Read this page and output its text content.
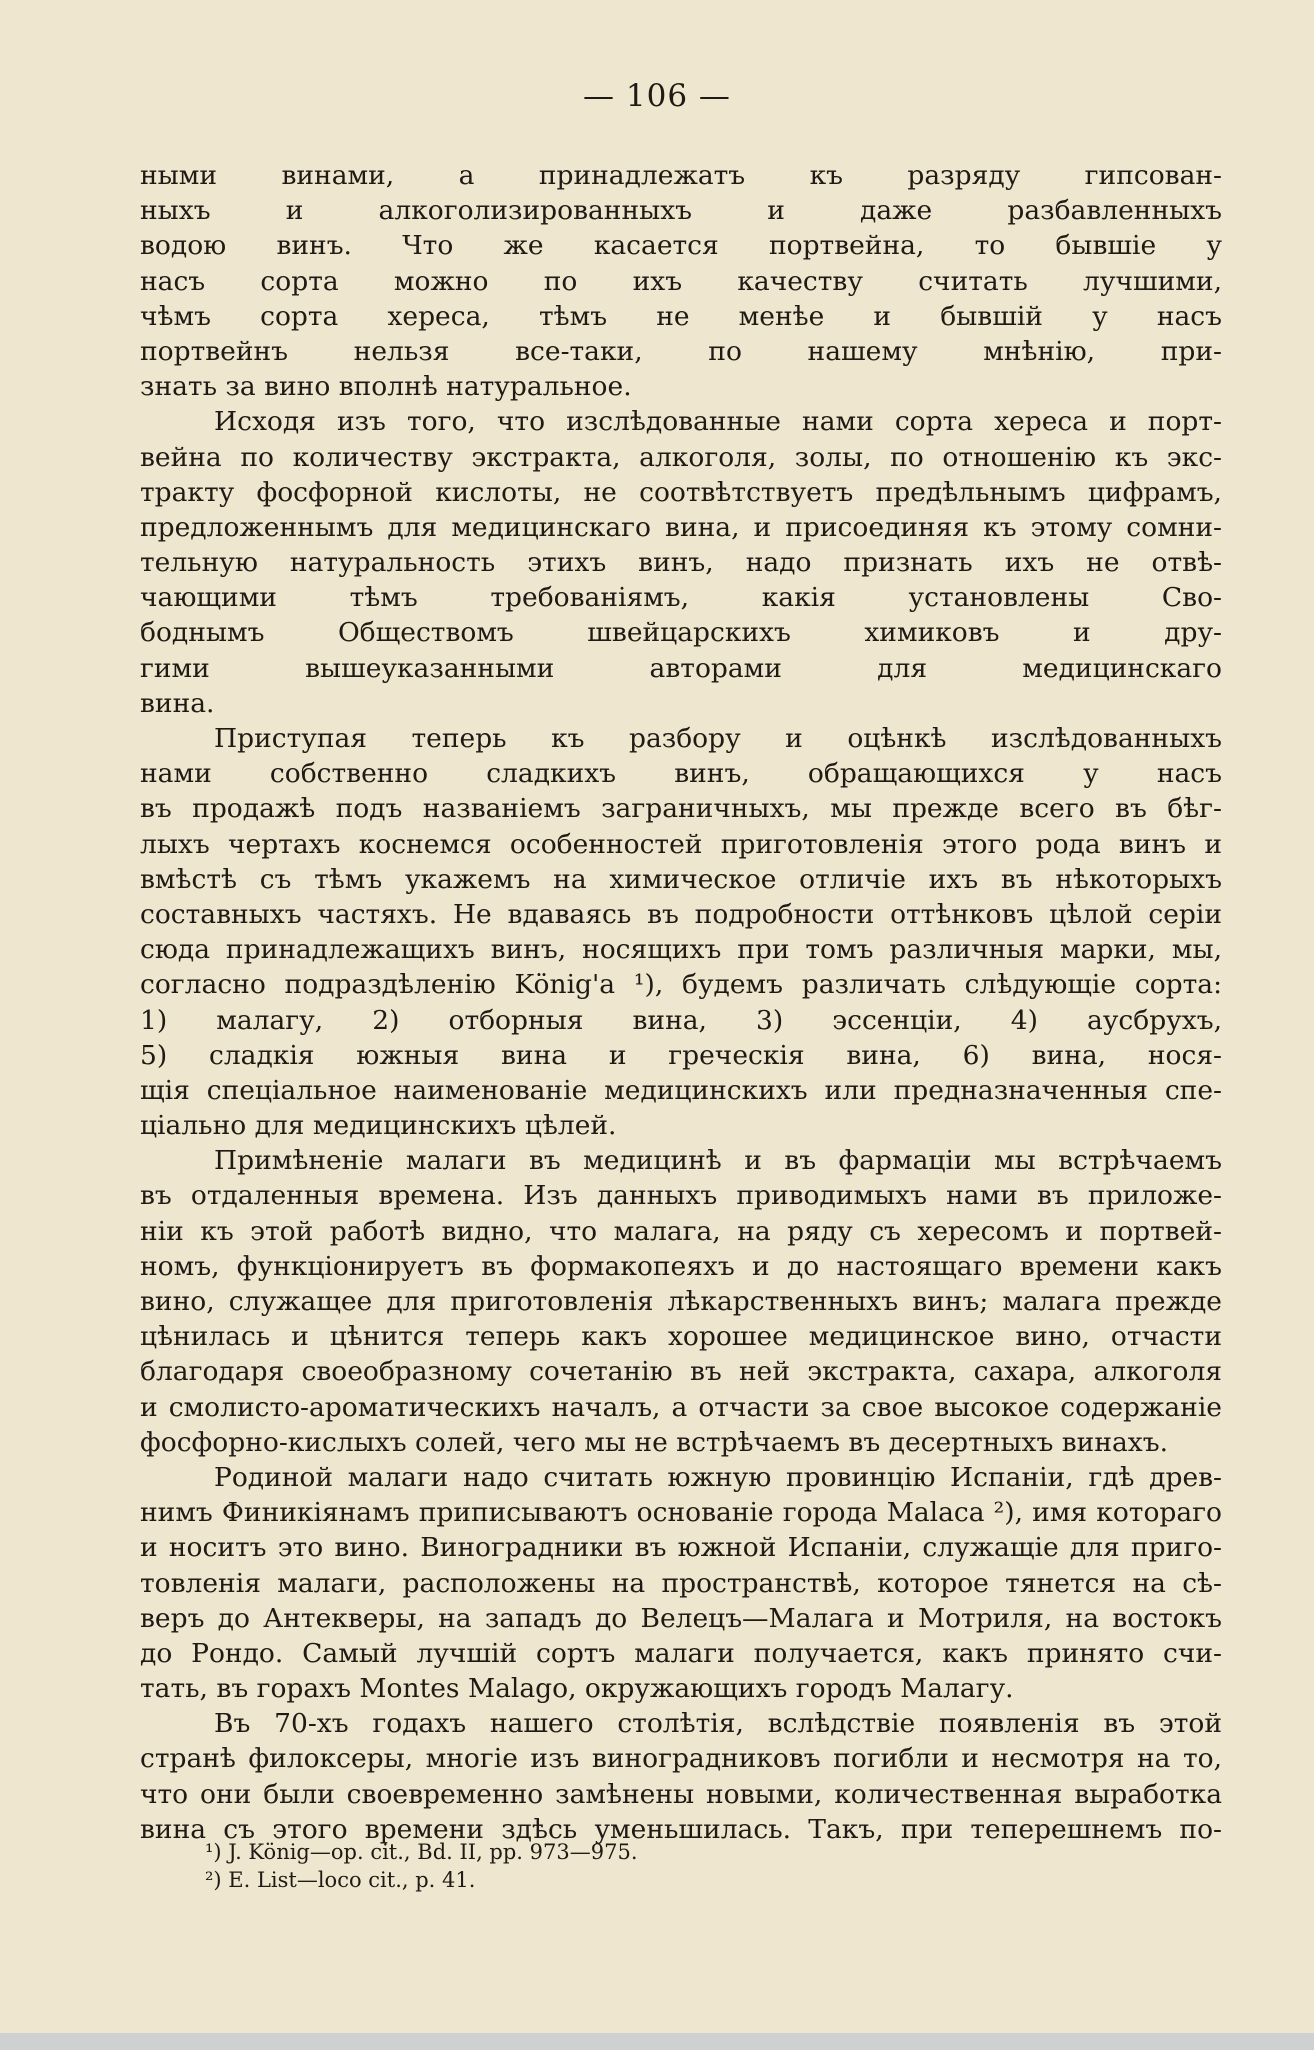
— 106 —
ными винами, а принадлежатъ къ разряду гипсован-
ныхъ и алкоголизированныхъ и даже разбавленныхъ
водою винъ. Что же касается портвейна, то бывшіе у
насъ сорта можно по ихъ качеству считать лучшими,
чѣмъ сорта хереса, тѣмъ не менѣе и бывшій у насъ
портвейнъ нельзя все-таки, по нашему мнѣнію, при-
знать за вино вполнѣ натуральное.
Исходя изъ того, что изслѣдованные нами сорта хереса и порт-
вейна по количеству экстракта, алкоголя, золы, по отношенію къ экс-
тракту фосфорной кислоты, не соотвѣтствуетъ предѣльнымъ цифрамъ,
предложеннымъ для медицинскаго вина, и присоединяя къ этому сомни-
тельную натуральность этихъ винъ, надо признать ихъ не отвѣ-
чающими тѣмъ требованіямъ, какія установлены Сво-
боднымъ Обществомъ швейцарскихъ химиковъ и дру-
гими вышеуказанными авторами для медицинскаго
вина.
Приступая теперь къ разбору и оцѣнкѣ изслѣдованныхъ
нами собственно сладкихъ винъ, обращающихся у насъ
въ продажѣ подъ названіемъ заграничныхъ, мы прежде всего въ бѣг-
лыхъ чертахъ коснемся особенностей приготовленія этого рода винъ и
вмѣстѣ съ тѣмъ укажемъ на химическое отличіе ихъ въ нѣкоторыхъ
составныхъ частяхъ. Не вдаваясь въ подробности оттѣнковъ цѣлой серіи
сюда принадлежащихъ винъ, носящихъ при томъ различныя марки, мы,
согласно подраздѣленію König'а ¹), будемъ различать слѣдующіе сорта:
1) малагу, 2) отборныя вина, 3) эссенціи, 4) аусбрухъ,
5) сладкія южныя вина и греческія вина, 6) вина, нося-
щія спеціальное наименованіе медицинскихъ или предназначенныя спе-
ціально для медицинскихъ цѣлей.
Примѣненіе малаги въ медицинѣ и въ фармаціи мы встрѣчаемъ
въ отдаленныя времена. Изъ данныхъ приводимыхъ нами въ приложе-
ніи къ этой работѣ видно, что малага, на ряду съ хересомъ и портвей-
номъ, функціонируетъ въ формакопеяхъ и до настоящаго времени какъ
вино, служащее для приготовленія лѣкарственныхъ винъ; малага прежде
цѣнилась и цѣнится теперь какъ хорошее медицинское вино, отчасти
благодаря своеобразному сочетанію въ ней экстракта, сахара, алкоголя
и смолисто-ароматическихъ началъ, а отчасти за свое высокое содержаніе
фосфорно-кислыхъ солей, чего мы не встрѣчаемъ въ десертныхъ винахъ.
Родиной малаги надо считать южную провинцію Испаніи, гдѣ древ-
нимъ Финикіянамъ приписываютъ основаніе города Malaca ²), имя котораго
и носитъ это вино. Виноградники въ южной Испаніи, служащіе для приго-
товленія малаги, расположены на пространствѣ, которое тянется на сѣ-
веръ до Антекверы, на западъ до Велецъ—Малага и Мотриля, на востокъ
до Рондо. Самый лучшій сортъ малаги получается, какъ принято счи-
тать, въ горахъ Montes Malago, окружающихъ городъ Малагу.
Въ 70-хъ годахъ нашего столѣтія, вслѣдствіе появленія въ этой
странѣ филоксеры, многіе изъ виноградниковъ погибли и несмотря на то,
что они были своевременно замѣнены новыми, количественная выработка
вина съ этого времени здѣсь уменьшилась. Такъ, при теперешнемъ по-
¹) J. König—op. cit., Bd. II, pp. 973—975.
²) E. List—loco cit., p. 41.
